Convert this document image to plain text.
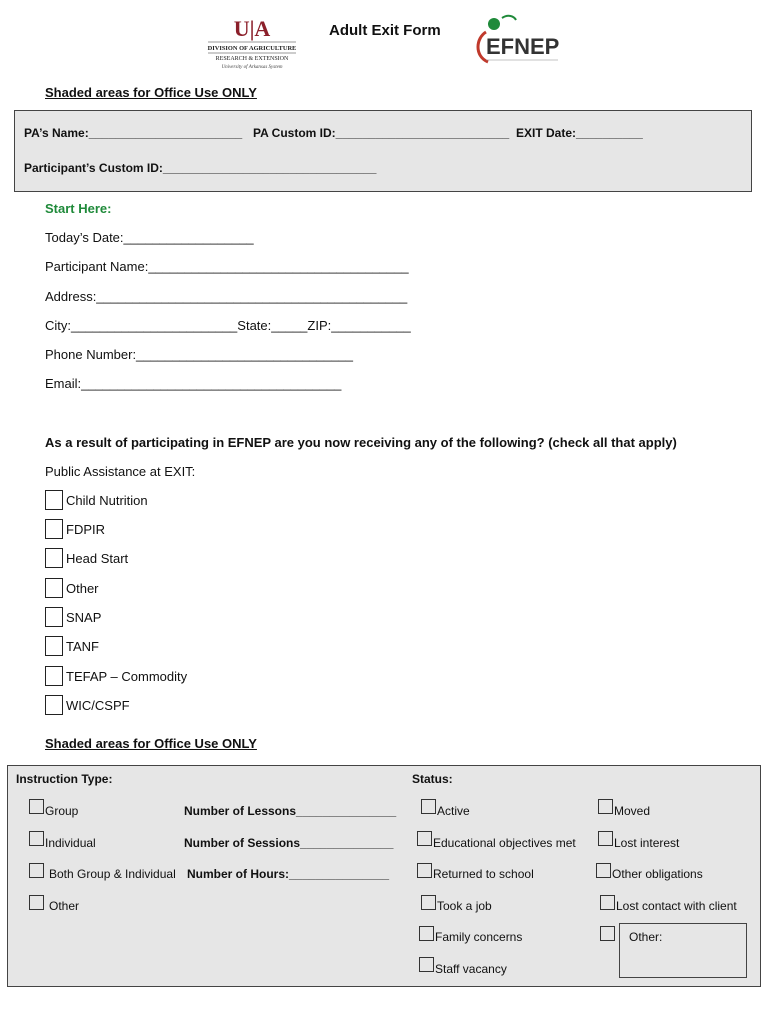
U|A
DIVISION OF AGRICULTURE
RESEARCH & EXTENSION
University of Arkansas System
Adult Exit Form
EFNEP
Shaded areas for Office Use ONLY
PA’s Name:_______________________ PA Custom ID:__________________________ EXIT Date:__________
Participant’s Custom ID:________________________________
Start Here:
Today’s Date:__________________
Participant Name:____________________________________
Address:___________________________________________
City:_______________________State:_____ZIP:___________
Phone Number:______________________________
Email:____________________________________
As a result of participating in EFNEP are you now receiving any of the following? (check all that apply)
Public Assistance at EXIT:
Child Nutrition
FDPIR
Head Start
Other
SNAP
TANF
TEFAP – Commodity
WIC/CSPF
Shaded areas for Office Use ONLY
Instruction Type:	Status:
Group
Individual
Both Group & Individual
Other
Number of Lessons_______________
Number of Sessions______________
Number of Hours:_______________
Active
Educational objectives met
Returned to school
Took a job
Family concerns
Staff vacancy
Moved
Lost interest
Other obligations
Lost contact with client
Other:
